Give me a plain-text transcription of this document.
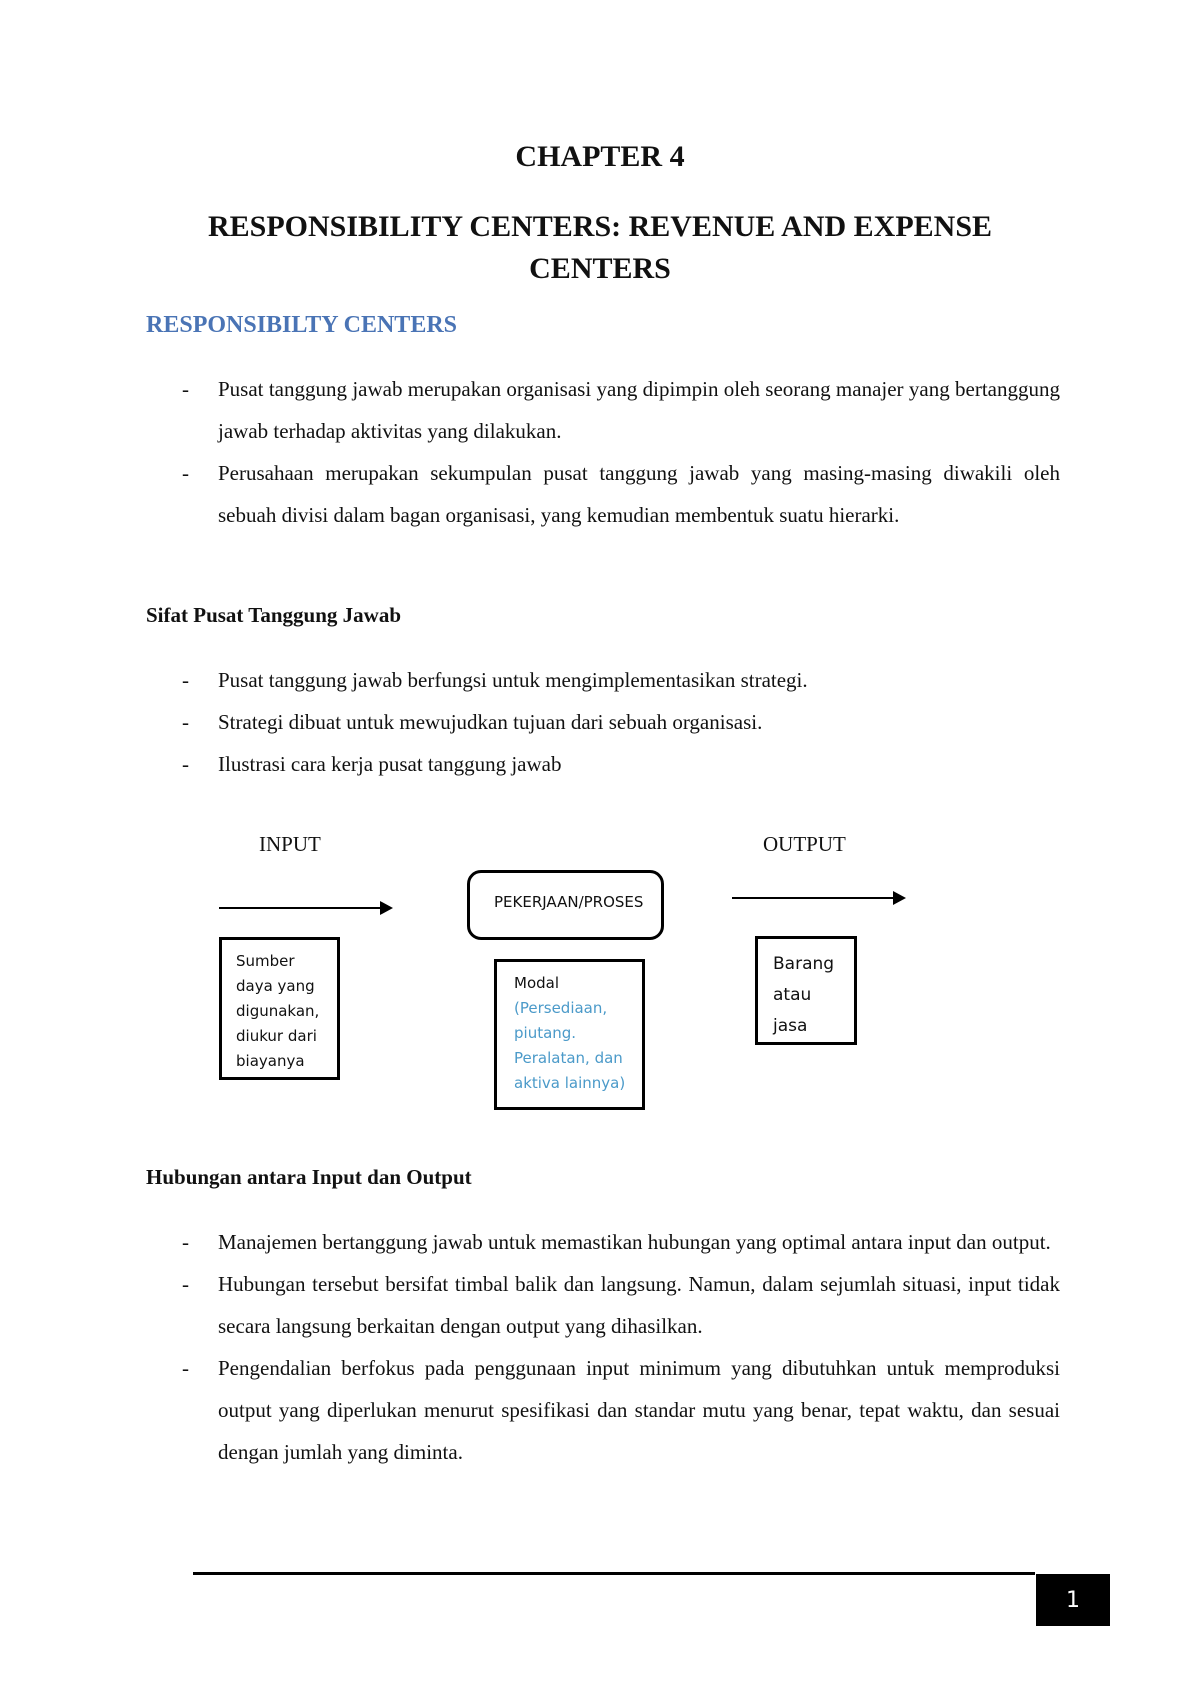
CHAPTER 4
RESPONSIBILITY CENTERS: REVENUE AND EXPENSE CENTERS
RESPONSIBILTY CENTERS
- Pusat tanggung jawab merupakan organisasi yang dipimpin oleh seorang manajer yang bertanggung jawab terhadap aktivitas yang dilakukan.
- Perusahaan merupakan sekumpulan pusat tanggung jawab yang masing-masing diwakili oleh sebuah divisi dalam bagan organisasi, yang kemudian membentuk suatu hierarki.
Sifat Pusat Tanggung Jawab
- Pusat tanggung jawab berfungsi untuk mengimplementasikan strategi.
- Strategi dibuat untuk mewujudkan tujuan dari sebuah organisasi.
- Ilustrasi cara kerja pusat tanggung jawab

INPUT	OUTPUT

PEKERJAAN/PROSES
Sumber
daya yang
digunakan,
diukur dari
biayanya
Modal
(Persediaan,
piutang.
Peralatan, dan
aktiva lainnya)
Barang
atau
jasa
Hubungan antara Input dan Output
- Manajemen bertanggung jawab untuk memastikan hubungan yang optimal antara input dan output.
- Hubungan tersebut bersifat timbal balik dan langsung. Namun, dalam sejumlah situasi, input tidak secara langsung berkaitan dengan output yang dihasilkan.
- Pengendalian berfokus pada penggunaan input minimum yang dibutuhkan untuk memproduksi output yang diperlukan menurut spesifikasi dan standar mutu yang benar, tepat waktu, dan sesuai dengan jumlah yang diminta.
1
